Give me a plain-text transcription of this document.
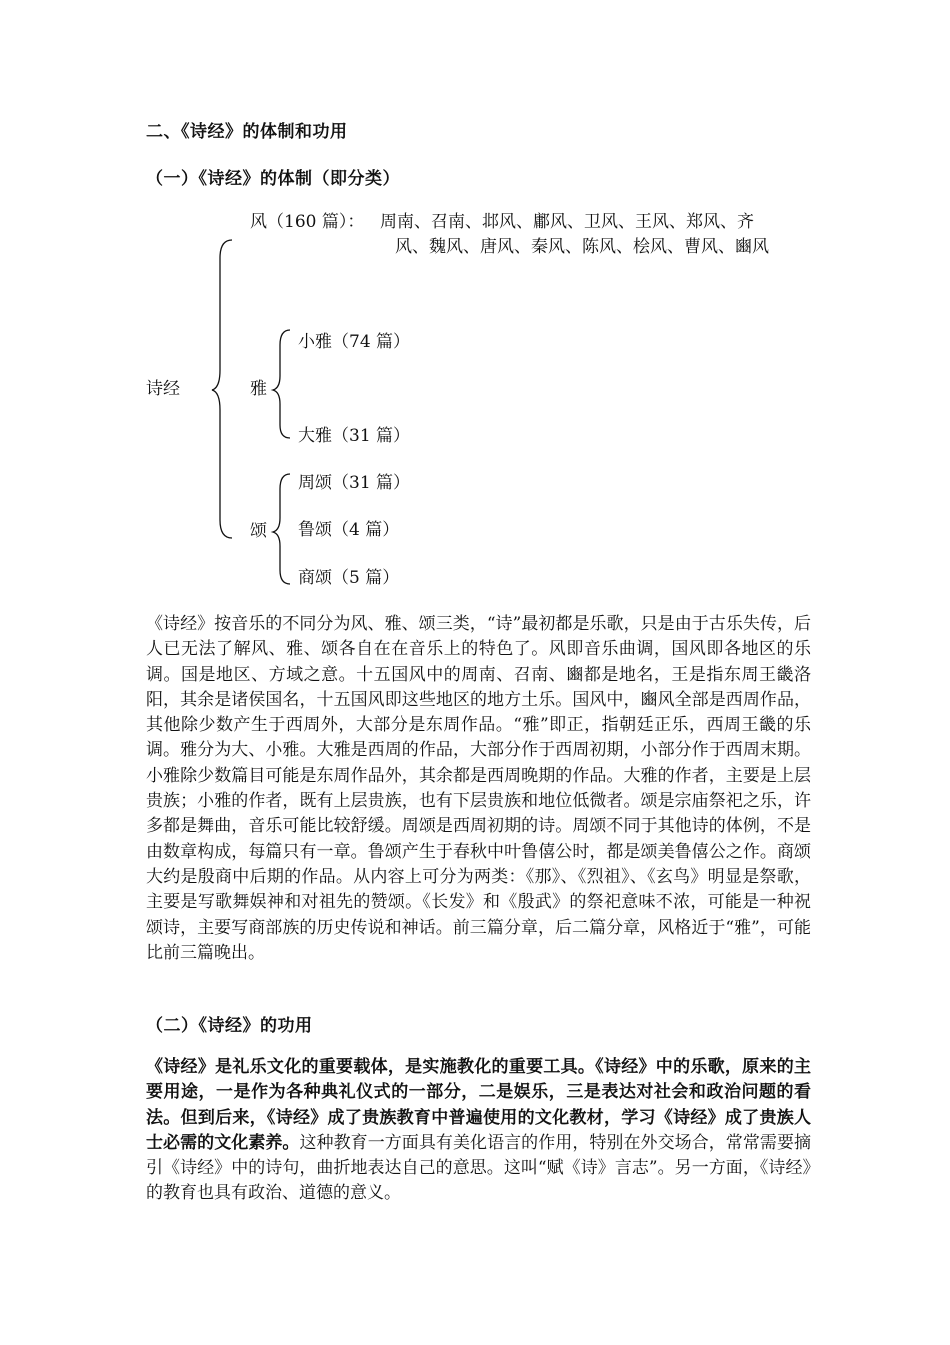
二、《诗经》的体制和功用
（一）《诗经》的体制（即分类）
诗经
风（160 篇）： 周南、召南、邶风、鄘风、卫风、王风、郑风、齐
风、魏风、唐风、秦风、陈风、桧风、曹风、豳风
雅
小雅（74 篇）
大雅（31 篇）
颂
周颂（31 篇）
鲁颂（4 篇）
商颂（5 篇）
《诗经》按音乐的不同分为风、雅、颂三类，“诗”最初都是乐歌，只是由于古乐失传，后人已无法了解风、雅、颂各自在在音乐上的特色了。风即音乐曲调，国风即各地区的乐调。国是地区、方域之意。十五国风中的周南、召南、豳都是地名，王是指东周王畿洛阳，其余是诸侯国名，十五国风即这些地区的地方土乐。国风中，豳风全部是西周作品，其他除少数产生于西周外，大部分是东周作品。“雅”即正，指朝廷正乐，西周王畿的乐调。雅分为大、小雅。大雅是西周的作品，大部分作于西周初期，小部分作于西周末期。小雅除少数篇目可能是东周作品外，其余都是西周晚期的作品。大雅的作者，主要是上层贵族；小雅的作者，既有上层贵族，也有下层贵族和地位低微者。颂是宗庙祭祀之乐，许多都是舞曲，音乐可能比较舒缓。周颂是西周初期的诗。周颂不同于其他诗的体例，不是由数章构成，每篇只有一章。鲁颂产生于春秋中叶鲁僖公时，都是颂美鲁僖公之作。商颂大约是殷商中后期的作品。从内容上可分为两类：《那》、《烈祖》、《玄鸟》明显是祭歌，主要是写歌舞娱神和对祖先的赞颂。《长发》和《殷武》的祭祀意味不浓，可能是一种祝颂诗，主要写商部族的历史传说和神话。前三篇分章，后二篇分章，风格近于“雅”，可能比前三篇晚出。
（二）《诗经》的功用
《诗经》是礼乐文化的重要载体，是实施教化的重要工具。《诗经》中的乐歌，原来的主要用途，一是作为各种典礼仪式的一部分，二是娱乐，三是表达对社会和政治问题的看法。但到后来，《诗经》成了贵族教育中普遍使用的文化教材，学习《诗经》成了贵族人士必需的文化素养。这种教育一方面具有美化语言的作用，特别在外交场合，常常需要摘引《诗经》中的诗句，曲折地表达自己的意思。这叫“赋《诗》言志”。另一方面，《诗经》的教育也具有政治、道德的意义。
